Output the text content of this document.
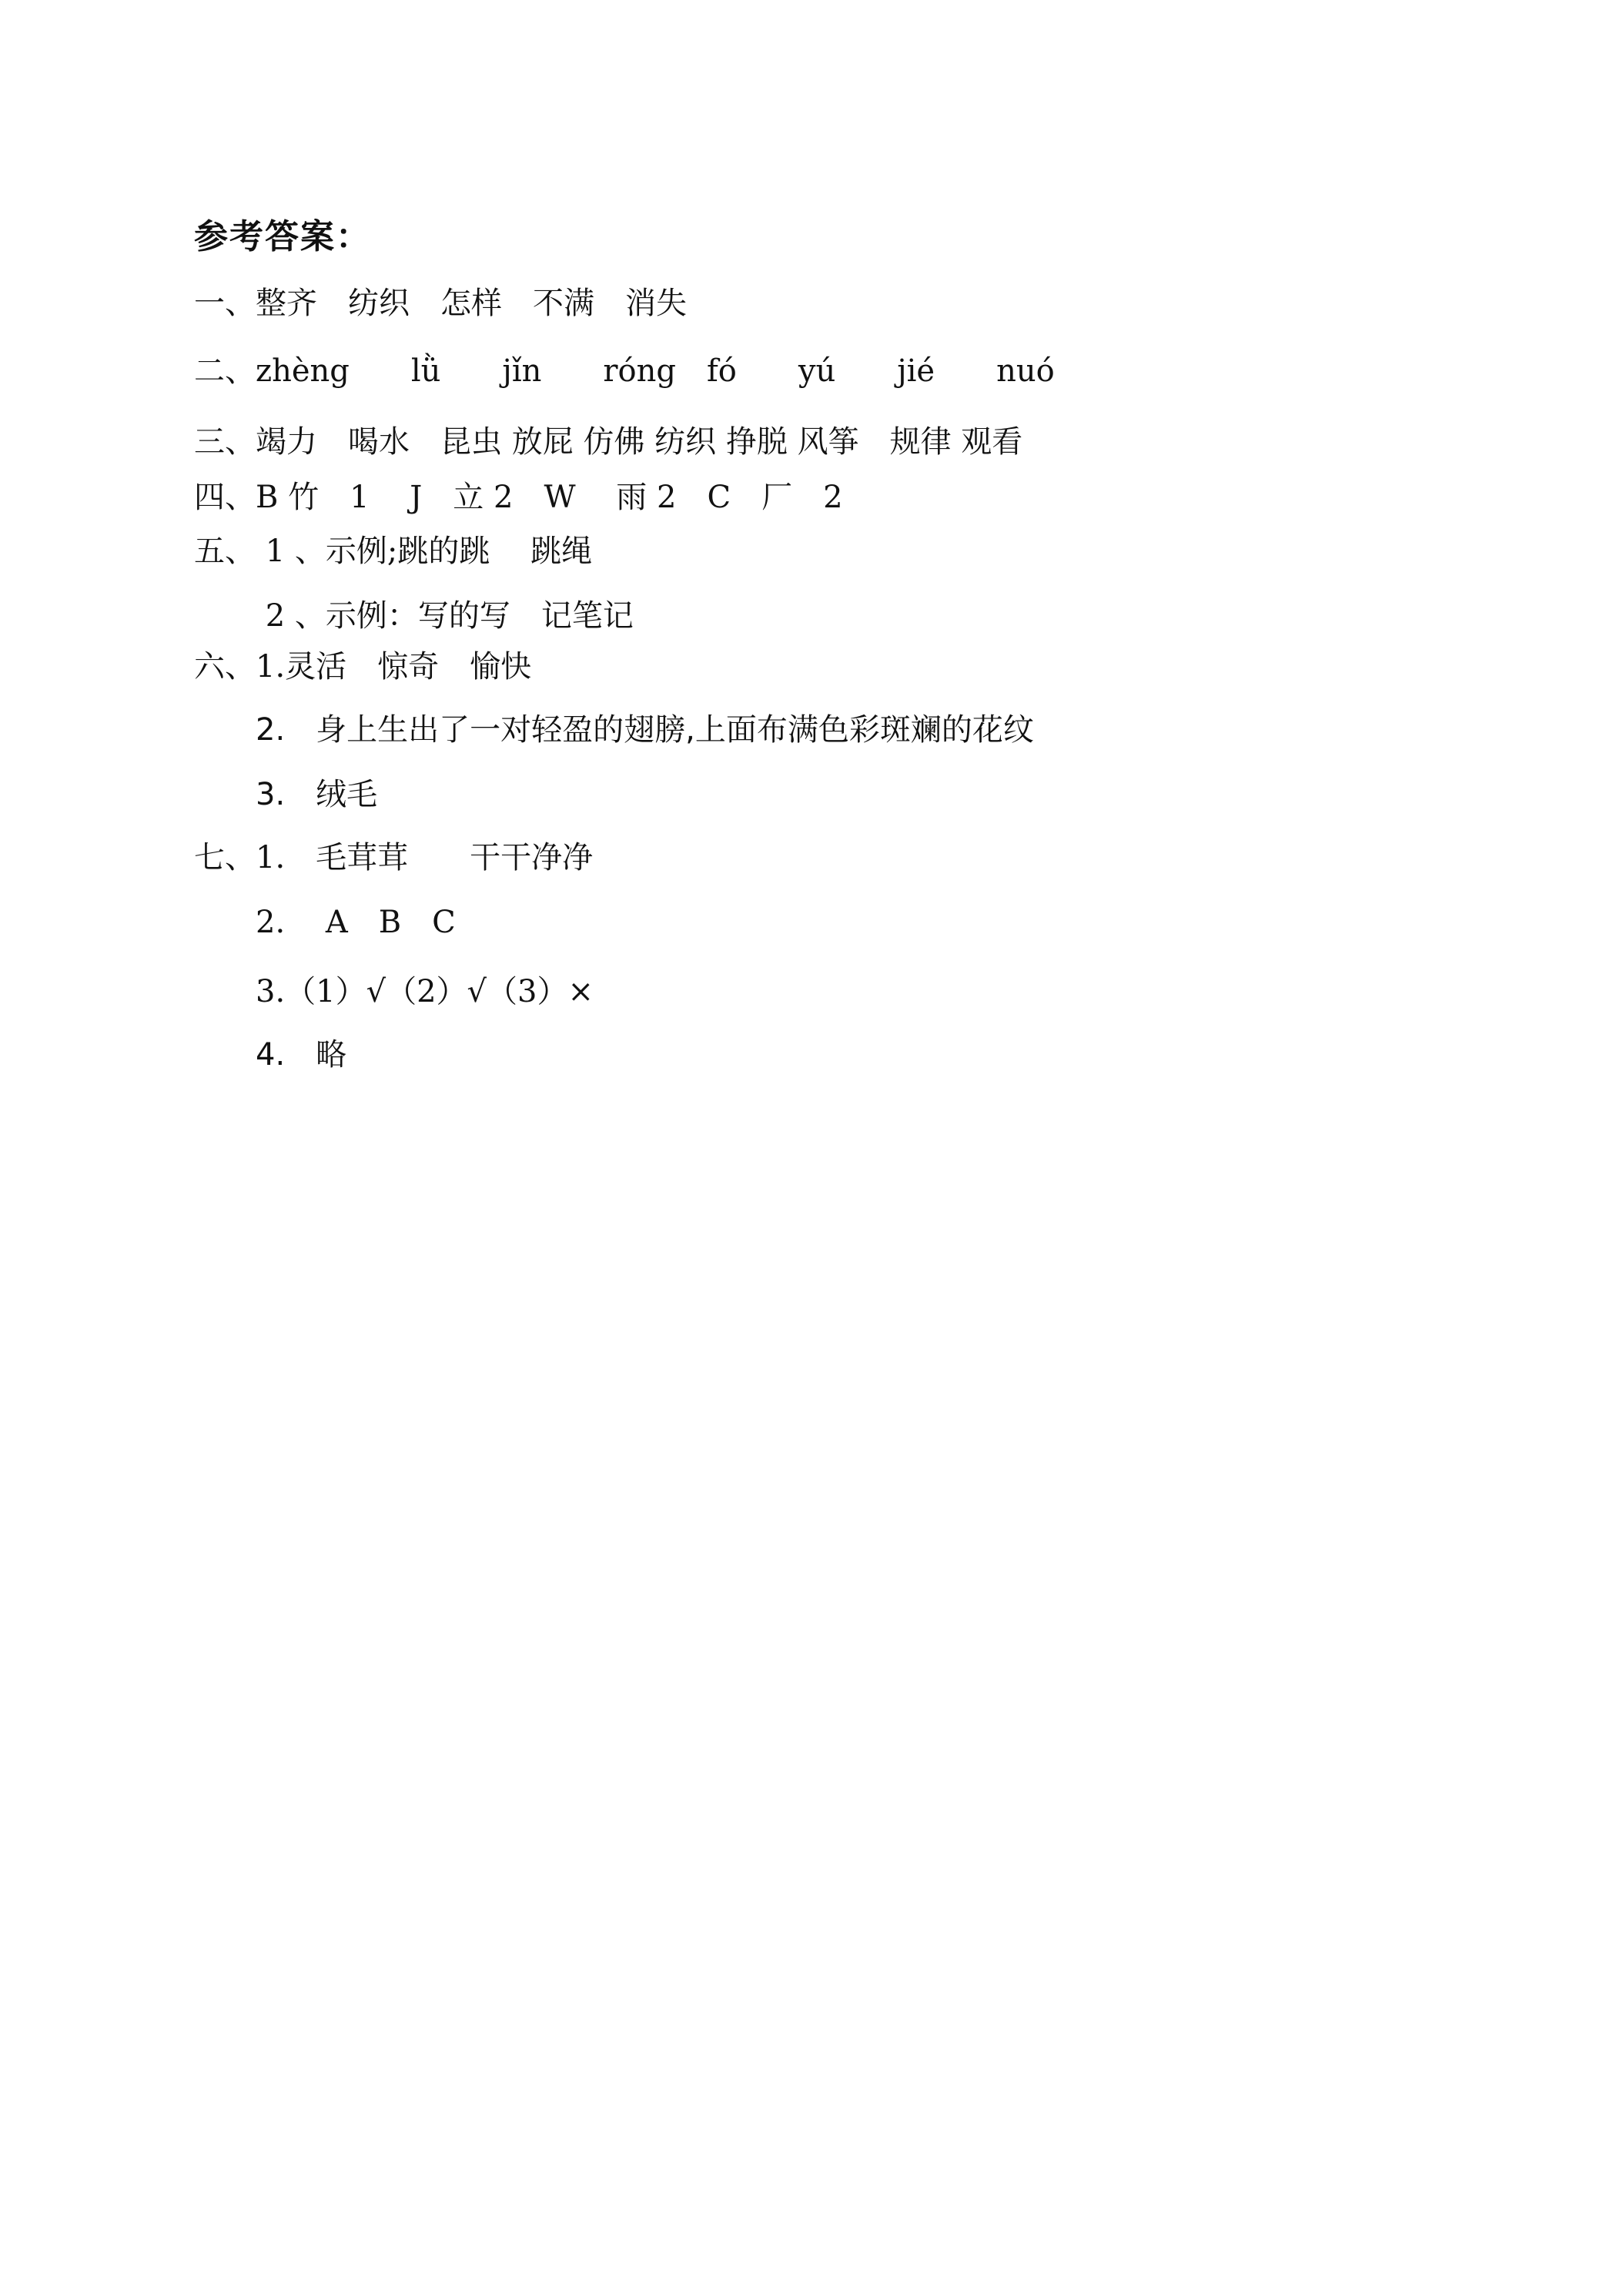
参考答案：
一、整齐　纺织　怎样　不满　消失
二、zhèng　　lǜ　　jǐn　　róng　fó　　yú　　jié　　nuó
三、竭力　喝水　昆虫 放屁 仿佛 纺织 挣脱 风筝　规律 观看
四、B 竹　1　 J　立 2　W　 雨 2　C　厂　2
五、 1 、示例;跳的跳　 跳绳
　　 2 、示例：写的写　记笔记
六、1.灵活　惊奇　愉快
　　2.　身上生出了一对轻盈的翅膀,上面布满色彩斑斓的花纹
　　3.　绒毛
七、1.　毛茸茸　　干干净净
　　2.　 A　B　C
　　3.（1）√（2）√（3）×
　　4.　略
